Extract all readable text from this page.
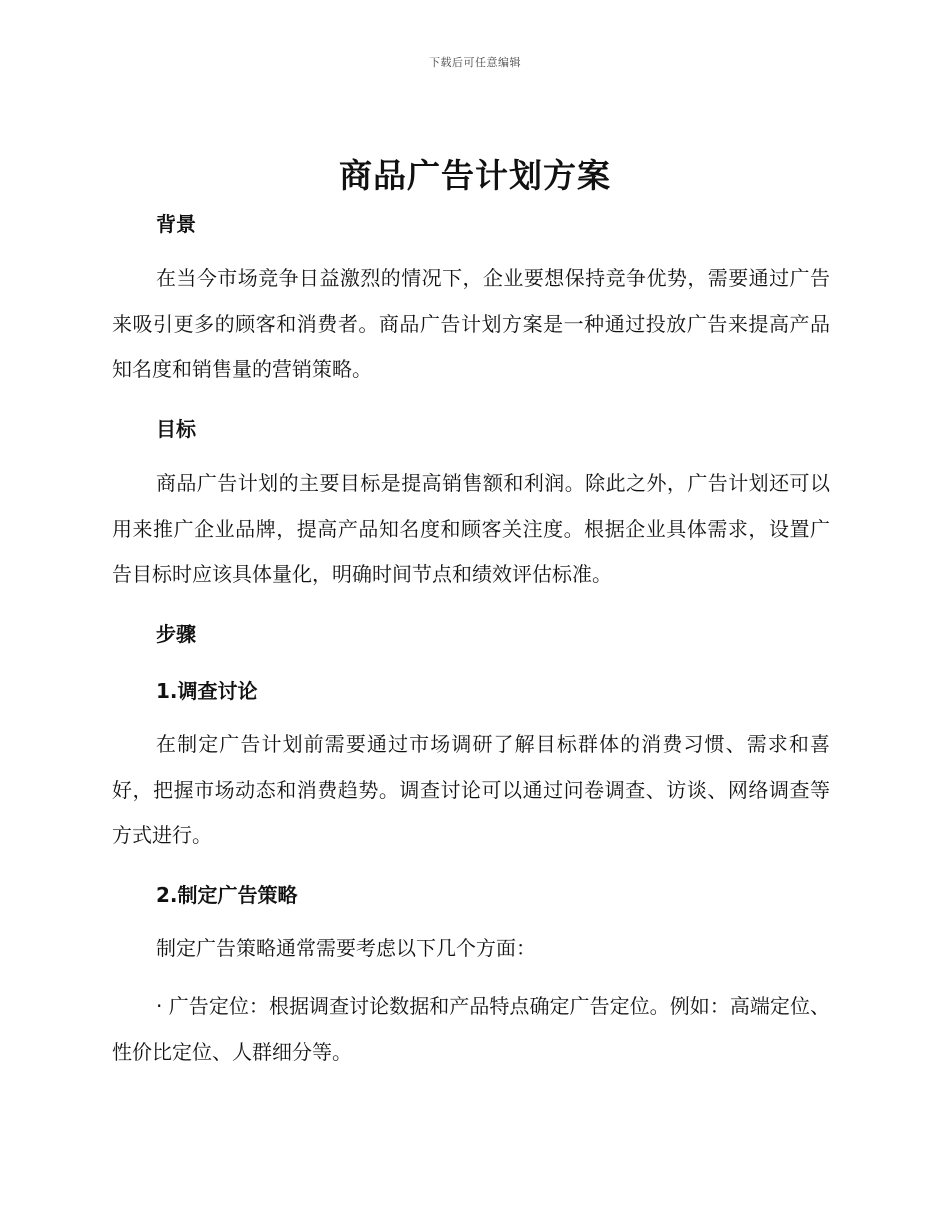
下载后可任意编辑
商品广告计划方案
背景

在当今市场竞争日益激烈的情况下，企业要想保持竞争优势，需要通过广告来吸引更多的顾客和消费者。商品广告计划方案是一种通过投放广告来提高产品知名度和销售量的营销策略。

目标

商品广告计划的主要目标是提高销售额和利润。除此之外，广告计划还可以用来推广企业品牌，提高产品知名度和顾客关注度。根据企业具体需求，设置广告目标时应该具体量化，明确时间节点和绩效评估标准。

步骤
1.调查讨论

在制定广告计划前需要通过市场调研了解目标群体的消费习惯、需求和喜好，把握市场动态和消费趋势。调查讨论可以通过问卷调查、访谈、网络调查等方式进行。

2.制定广告策略

制定广告策略通常需要考虑以下几个方面：

· 广告定位：根据调查讨论数据和产品特点确定广告定位。例如：高端定位、性价比定位、人群细分等。
